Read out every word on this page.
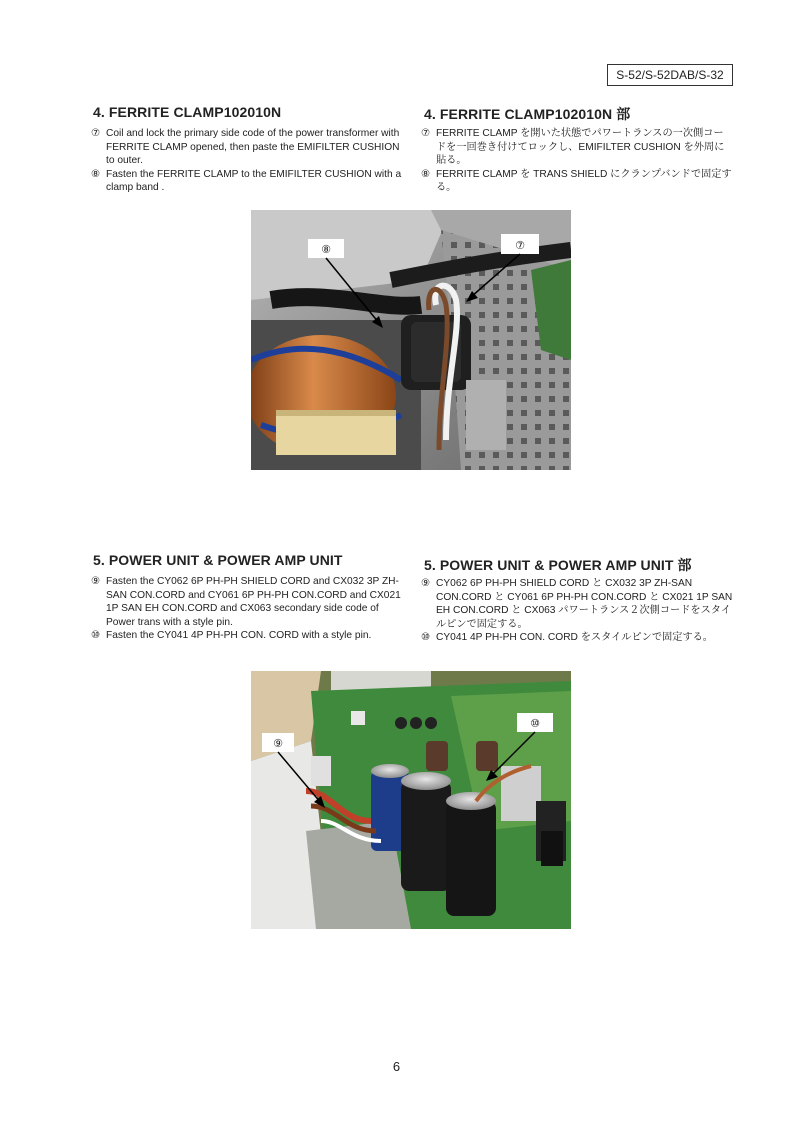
S-52/S-52DAB/S-32
4. FERRITE CLAMP102010N	4. FERRITE CLAMP102010N 部
⑦ Coil and lock the primary side code of the power transformer with FERRITE CLAMP opened, then paste the EMIFILTER CUSHION to outer.
⑧ Fasten the FERRITE CLAMP to the EMIFILTER CUSHION with a clamp band .
⑦ FERRITE CLAMP を開いた状態でパワートランスの一次側コードを一回巻き付けてロックし、EMIFILTER CUSHION を外周に貼る。
⑧ FERRITE CLAMP を TRANS SHIELD にクランプバンドで固定する。
⑧	⑦
5. POWER UNIT & POWER AMP UNIT	5. POWER UNIT & POWER AMP UNIT 部
⑨ Fasten the CY062 6P PH-PH SHIELD CORD and CX032 3P ZH-SAN CON.CORD and CY061 6P PH-PH CON.CORD and CX021 1P SAN EH CON.CORD and CX063 secondary side code of Power trans with a style pin.
⑩ Fasten the CY041 4P PH-PH CON. CORD with a style pin.
⑨ CY062 6P PH-PH SHIELD CORD と CX032 3P ZH-SAN CON.CORD と CY061 6P PH-PH CON.CORD と CX021 1P SAN EH CON.CORD と CX063 パワートランス２次側コードをスタイルピンで固定する。
⑩ CY041 4P PH-PH CON. CORD をスタイルピンで固定する。
⑨
⑩
6
